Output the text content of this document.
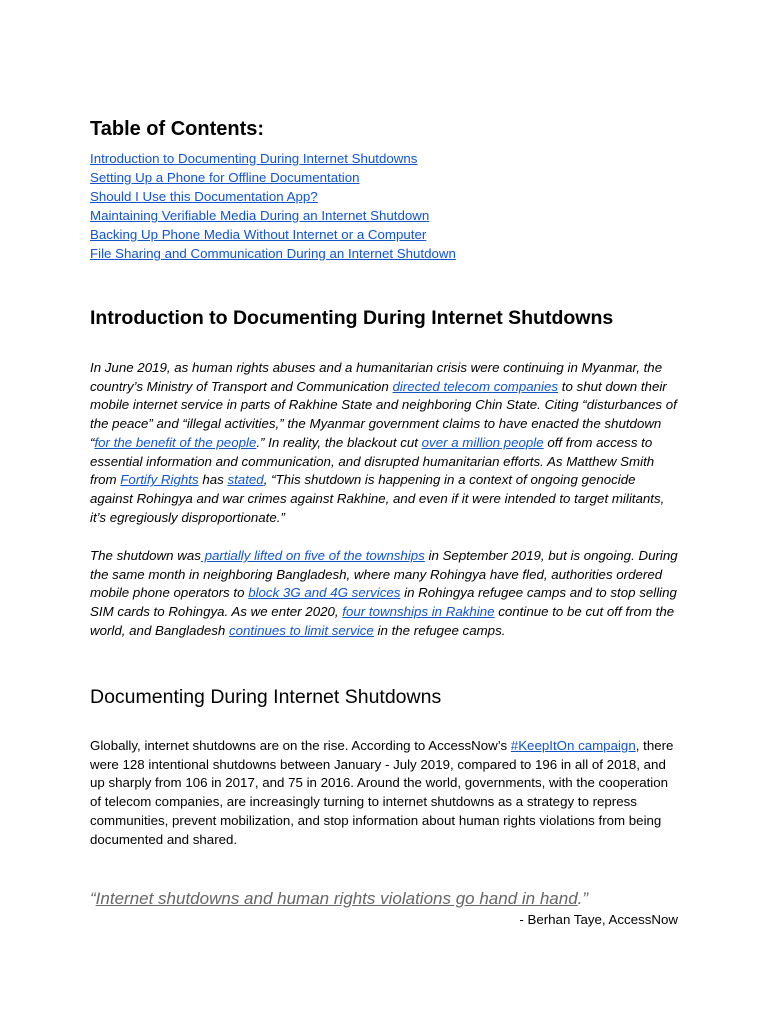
Table of Contents:
Introduction to Documenting During Internet Shutdowns
Setting Up a Phone for Offline Documentation
Should I Use this Documentation App?
Maintaining Verifiable Media During an Internet Shutdown
Backing Up Phone Media Without Internet or a Computer
File Sharing and Communication During an Internet Shutdown
Introduction to Documenting During Internet Shutdowns

In June 2019, as human rights abuses and a humanitarian crisis were continuing in Myanmar, the country’s Ministry of Transport and Communication directed telecom companies to shut down their mobile internet service in parts of Rakhine State and neighboring Chin State. Citing “disturbances of the peace” and “illegal activities,” the Myanmar government claims to have enacted the shutdown “for the benefit of the people.” In reality, the blackout cut over a million people off from access to essential information and communication, and disrupted humanitarian efforts. As Matthew Smith from Fortify Rights has stated, “This shutdown is happening in a context of ongoing genocide against Rohingya and war crimes against Rakhine, and even if it were intended to target militants, it’s egregiously disproportionate.”

The shutdown was partially lifted on five of the townships in September 2019, but is ongoing. During the same month in neighboring Bangladesh, where many Rohingya have fled, authorities ordered mobile phone operators to block 3G and 4G services in Rohingya refugee camps and to stop selling SIM cards to Rohingya. As we enter 2020, four townships in Rakhine continue to be cut off from the world, and Bangladesh continues to limit service in the refugee camps.

Documenting During Internet Shutdowns

Globally, internet shutdowns are on the rise. According to AccessNow’s #KeepItOn campaign, there were 128 intentional shutdowns between January - July 2019, compared to 196 in all of 2018, and up sharply from 106 in 2017, and 75 in 2016. Around the world, governments, with the cooperation of telecom companies, are increasingly turning to internet shutdowns as a strategy to repress communities, prevent mobilization, and stop information about human rights violations from being documented and shared.

“Internet shutdowns and human rights violations go hand in hand.”

- Berhan Taye, AccessNow
